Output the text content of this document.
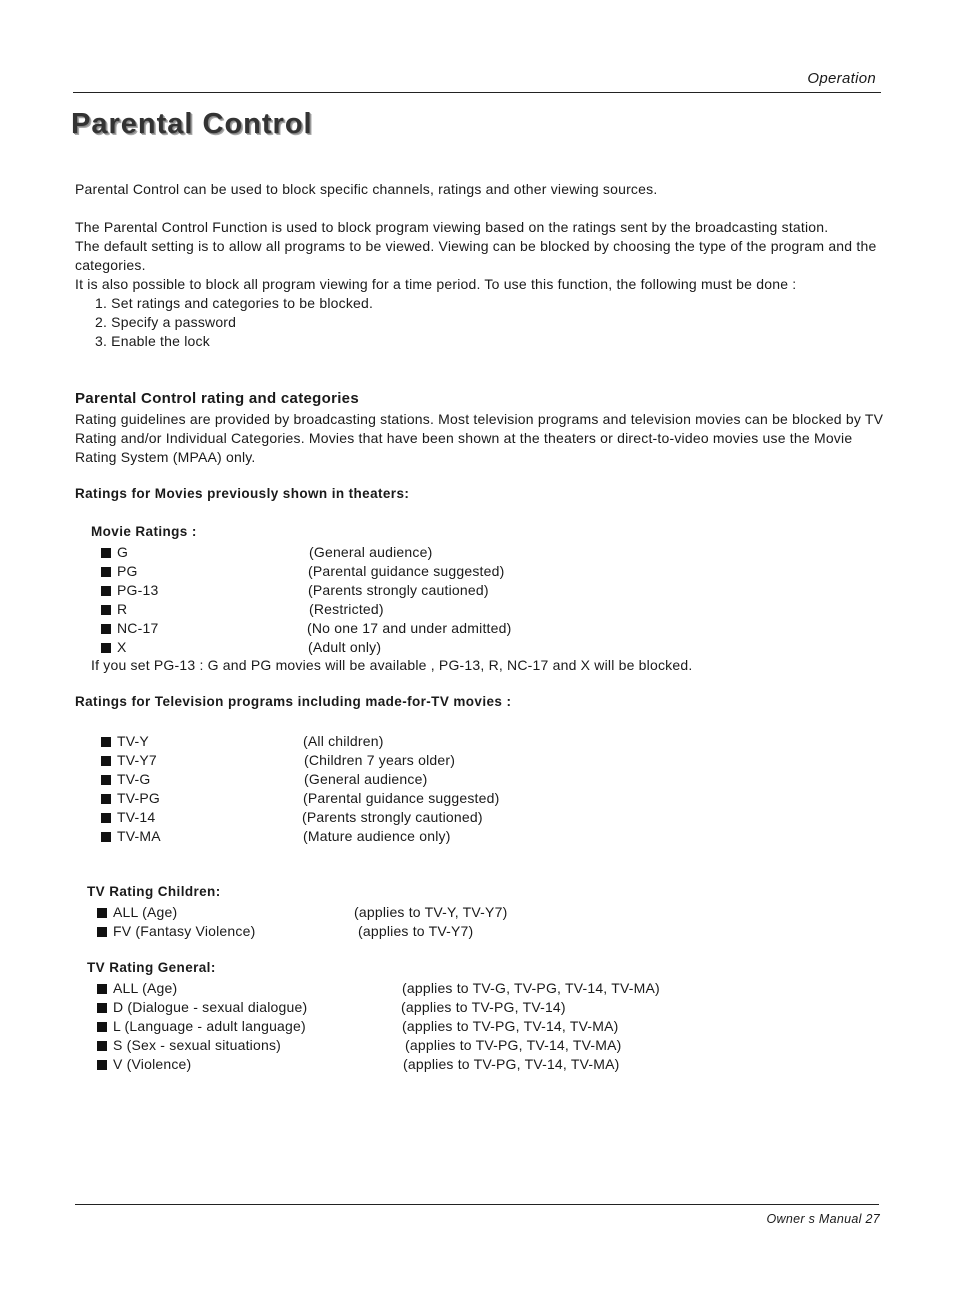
Operation
Parental Control

Parental Control can be used to block specific channels, ratings and other viewing sources.

The Parental Control Function is used to block program viewing based on the ratings sent by the broadcasting station.

The default setting is to allow all programs to be viewed. Viewing can be blocked by choosing the type of the program and the categories.

It is also possible to block all program viewing for a time period. To use this function, the following must be done :

1. Set ratings and categories to be blocked.

2. Specify a password

3. Enable the lock

Parental Control rating and categories

Rating guidelines are provided by broadcasting stations. Most television programs and television movies can be blocked by TV Rating and/or Individual Categories. Movies that have been shown at the theaters or direct-to-video movies use the Movie Rating System (MPAA) only.

Ratings for Movies previously shown in theaters:
Movie Ratings :
G	(General audience)
PG	(Parental guidance suggested)
PG-13	(Parents strongly cautioned)
R	(Restricted)
NC-17	(No one 17 and under admitted)
X	(Adult only)
If you set PG-13 : G and PG movies will be available , PG-13, R, NC-17 and X will be blocked.
Ratings for Television programs including made-for-TV movies :
TV-Y	(All children)
TV-Y7	(Children 7 years older)
TV-G	(General audience)
TV-PG	(Parental guidance suggested)
TV-14	(Parents strongly cautioned)
TV-MA	(Mature audience only)
TV Rating Children:
ALL (Age)	(applies to TV-Y, TV-Y7)
FV (Fantasy Violence)	(applies to TV-Y7)
TV Rating General:
ALL (Age)	(applies to TV-G, TV-PG, TV-14, TV-MA)
D (Dialogue - sexual dialogue)	(applies to TV-PG, TV-14)
L (Language - adult language)	(applies to TV-PG, TV-14, TV-MA)
S (Sex - sexual situations)	(applies to TV-PG, TV-14, TV-MA)
V (Violence)	(applies to TV-PG, TV-14, TV-MA)
Owner s Manual 27
